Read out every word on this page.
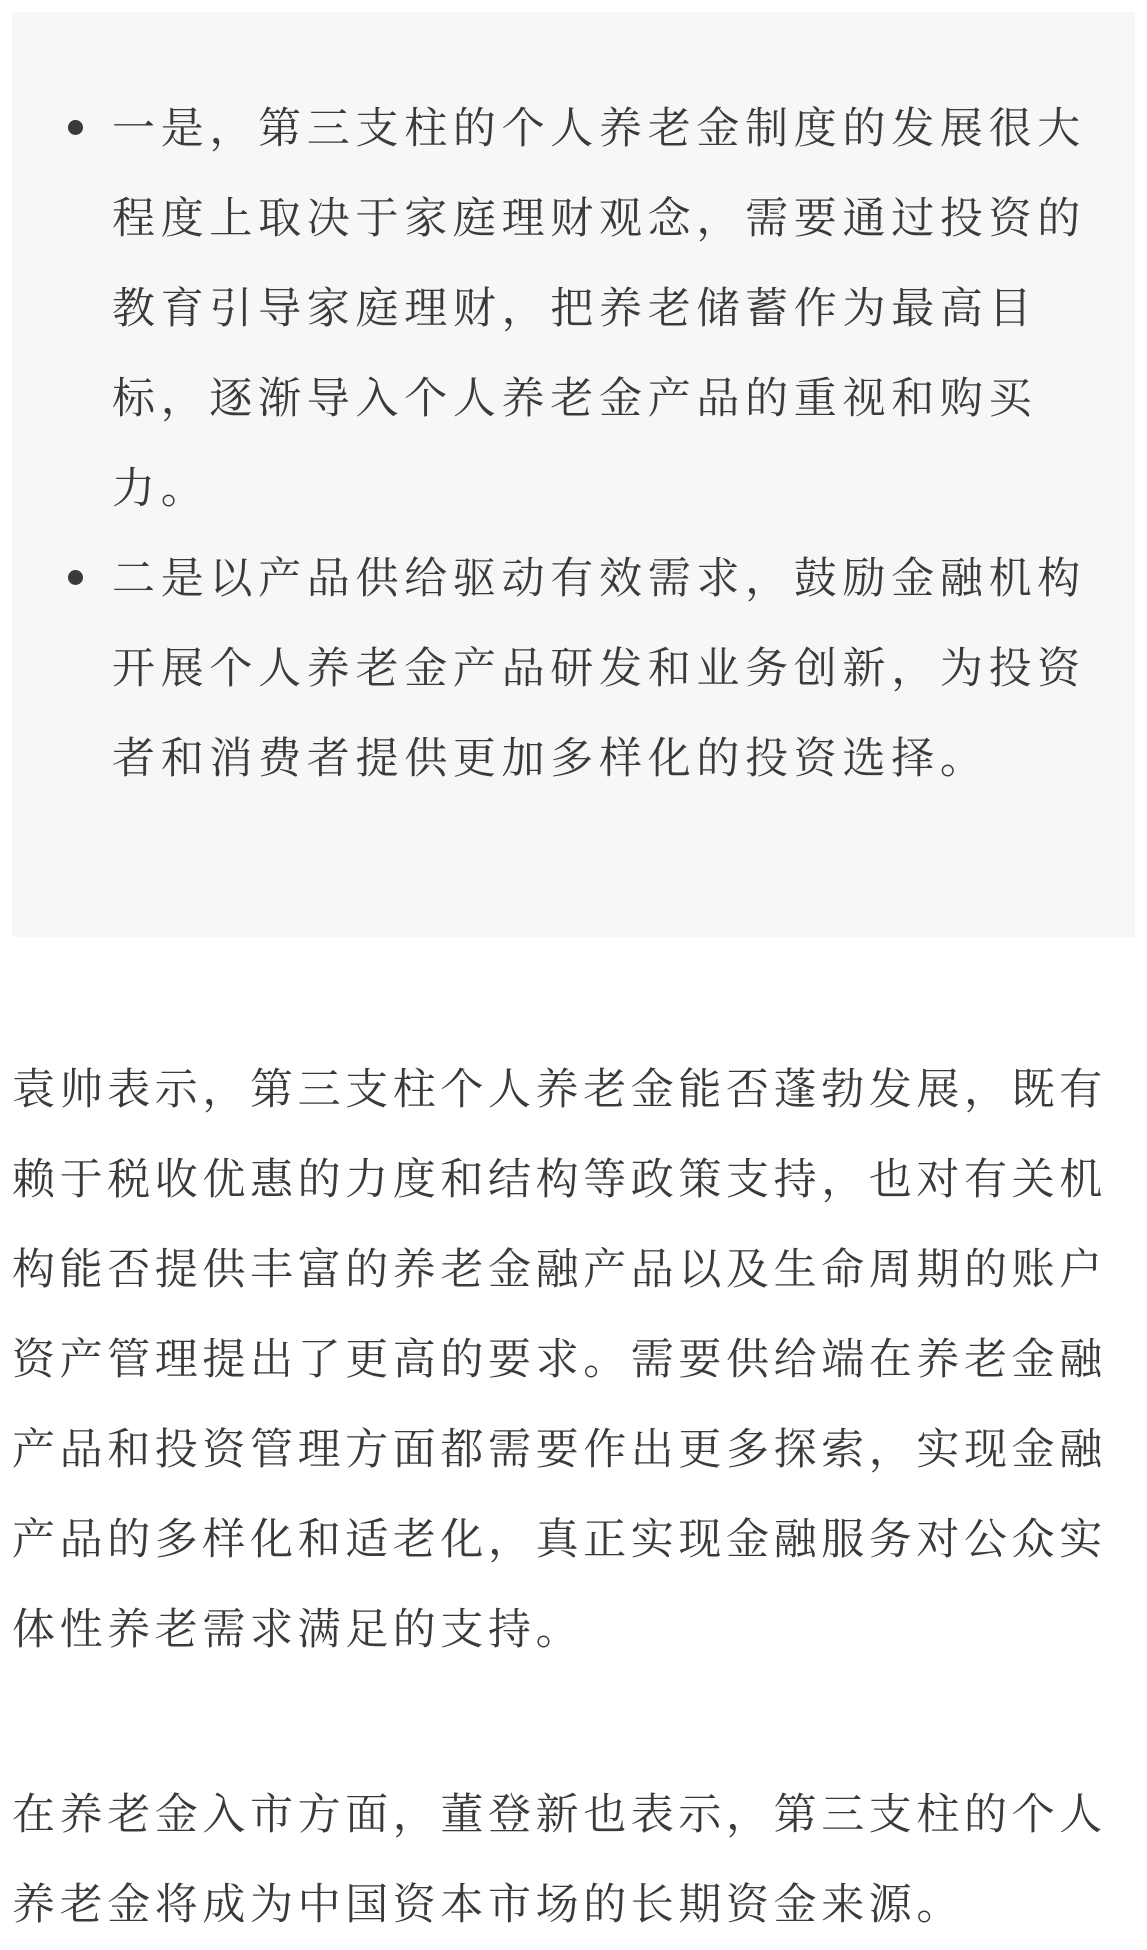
一是，第三支柱的个人养老金制度的发展很大程度上取决于家庭理财观念，需要通过投资的教育引导家庭理财，把养老储蓄作为最高目标，逐渐导入个人养老金产品的重视和购买力。

二是以产品供给驱动有效需求，鼓励金融机构开展个人养老金产品研发和业务创新，为投资者和消费者提供更加多样化的投资选择。

袁帅表示，第三支柱个人养老金能否蓬勃发展，既有赖于税收优惠的力度和结构等政策支持，也对有关机构能否提供丰富的养老金融产品以及生命周期的账户资产管理提出了更高的要求。需要供给端在养老金融产品和投资管理方面都需要作出更多探索，实现金融产品的多样化和适老化，真正实现金融服务对公众实体性养老需求满足的支持。

在养老金入市方面，董登新也表示，第三支柱的个人养老金将成为中国资本市场的长期资金来源。
